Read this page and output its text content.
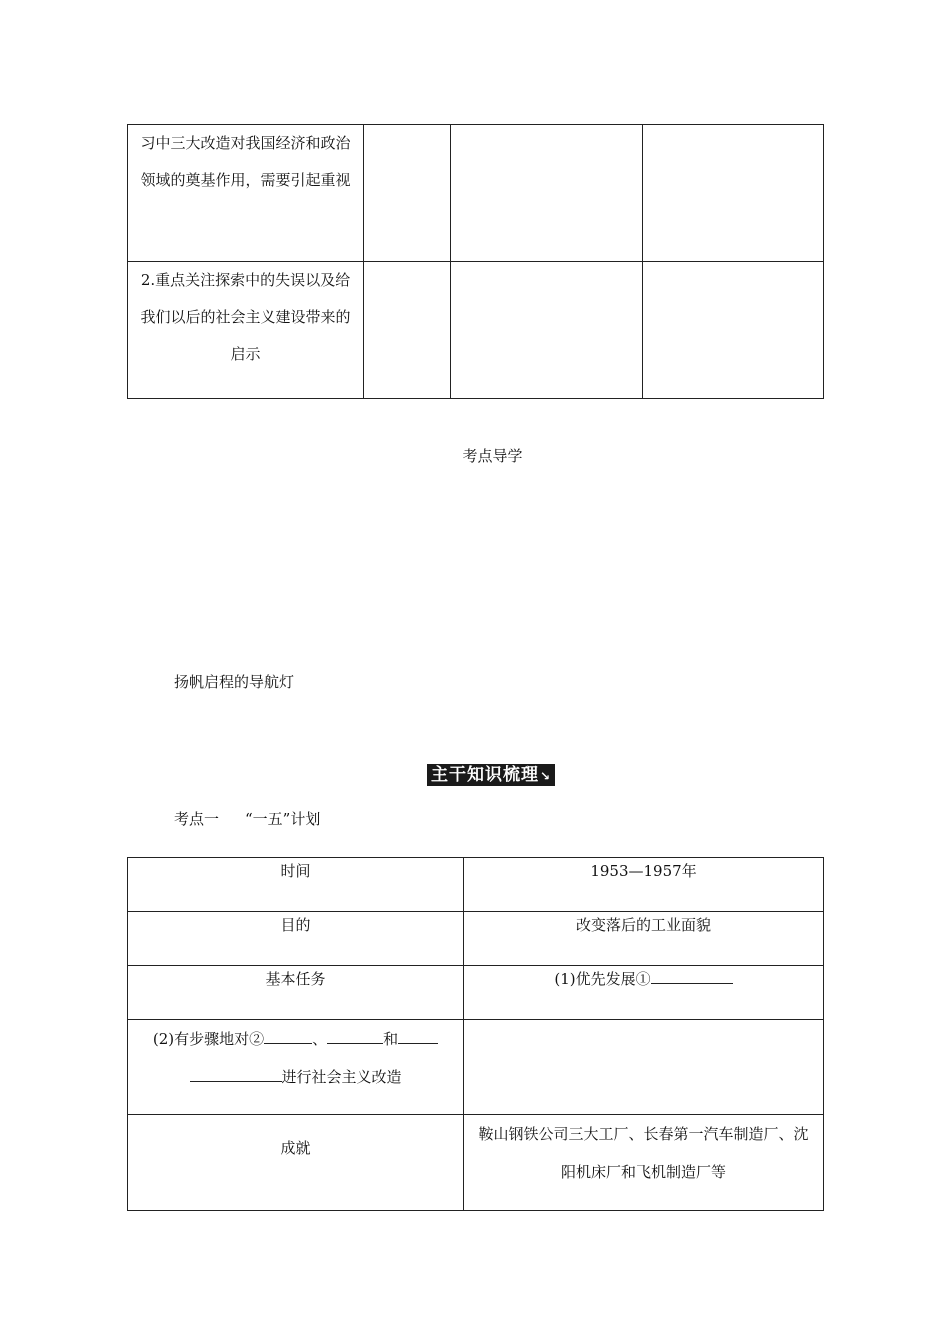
习中三大改造对我国经济和政治领域的奠基作用，需要引起重视			

2.重点关注探索中的失误以及给我们以后的社会主义建设带来的启示			

考点导学
扬帆启程的导航灯
主干知识梳理↘
考点一 “一五”计划
时间	1953—1957年
目的	改变落后的工业面貌
基本任务	(1)优先发展①

(2)有步骤地对② 、 和
进行社会主义改造	

成就	鞍山钢铁公司三大工厂、长春第一汽车制造厂、沈阳机床厂和飞机制造厂等
